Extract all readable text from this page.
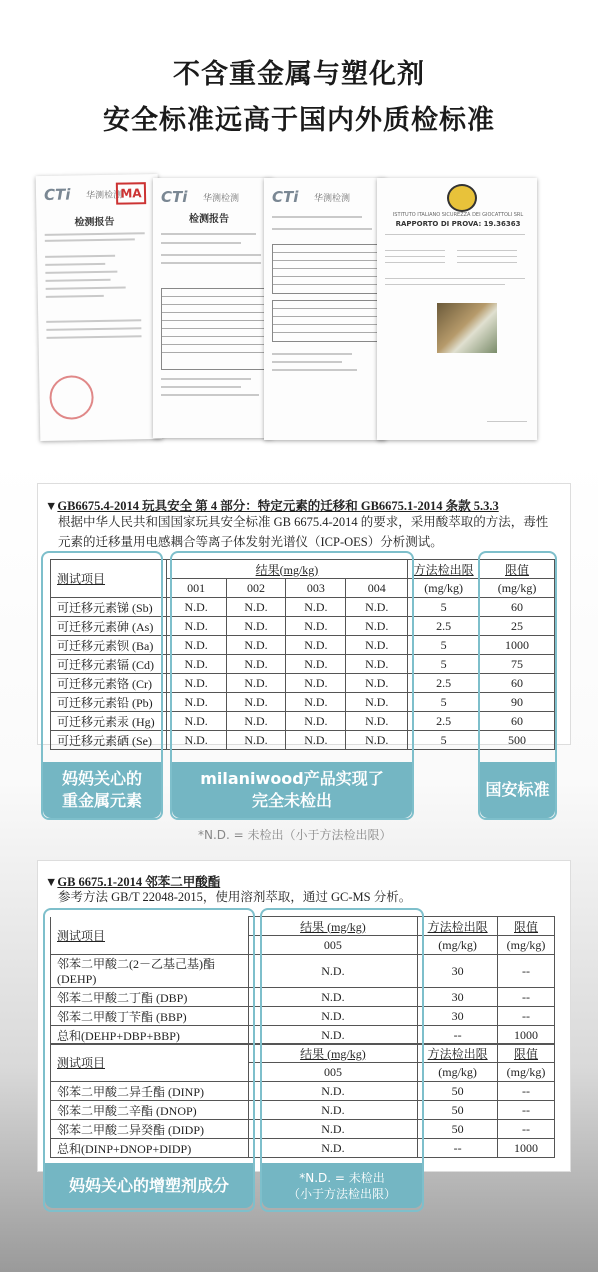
不含重金属与塑化剂
安全标准远高于国内外质检标准
CTi 华测检测
MA
检测报告
CTi 华测检测
检测报告
CTi 华测检测
ISTITUTO ITALIANO SICUREZZA DEI GIOCATTOLI SRL
RAPPORTO DI PROVA: 19.36363
▼GB6675.4-2014 玩具安全 第 4 部分：特定元素的迁移和 GB6675.1-2014 条款 5.3.3
根据中华人民共和国国家玩具安全标准 GB 6675.4-2014 的要求，采用酸萃取的方法，毒性元素的迁移量用电感耦合等离子体发射光谱仪（ICP-OES）分析测试。
测试项目	结果(mg/kg)				方法检出限	限值
	001	002	003	004	(mg/kg)	(mg/kg)
可迁移元素锑 (Sb)	N.D.	N.D.	N.D.	N.D.	5	60
可迁移元素砷 (As)	N.D.	N.D.	N.D.	N.D.	2.5	25
可迁移元素钡 (Ba)	N.D.	N.D.	N.D.	N.D.	5	1000
可迁移元素镉 (Cd)	N.D.	N.D.	N.D.	N.D.	5	75
可迁移元素铬 (Cr)	N.D.	N.D.	N.D.	N.D.	2.5	60
可迁移元素铅 (Pb)	N.D.	N.D.	N.D.	N.D.	5	90
可迁移元素汞 (Hg)	N.D.	N.D.	N.D.	N.D.	2.5	60
可迁移元素硒 (Se)	N.D.	N.D.	N.D.	N.D.	5	500
妈妈关心的
重金属元素
milaniwood产品实现了
完全未检出
国安标准
*N.D. = 未检出（小于方法检出限）
▼GB 6675.1-2014 邻苯二甲酸酯
参考方法 GB/T 22048-2015，使用溶剂萃取，通过 GC-MS 分析。
测试项目	结果 (mg/kg)	方法检出限	限值
	005	(mg/kg)	(mg/kg)
邻苯二甲酸二(2－乙基己基)酯(DEHP)	N.D.	30	--
邻苯二甲酸二丁酯 (DBP)	N.D.	30	--
邻苯二甲酸丁苄酯 (BBP)	N.D.	30	--
总和(DEHP+DBP+BBP)	N.D.	--	1000
测试项目	结果 (mg/kg)	方法检出限	限值
	005	(mg/kg)	(mg/kg)
邻苯二甲酸二异壬酯 (DINP)	N.D.	50	--
邻苯二甲酸二辛酯 (DNOP)	N.D.	50	--
邻苯二甲酸二异癸酯 (DIDP)	N.D.	50	--
总和(DINP+DNOP+DIDP)	N.D.	--	1000
妈妈关心的增塑剂成分	*N.D. = 未检出
（小于方法检出限）
